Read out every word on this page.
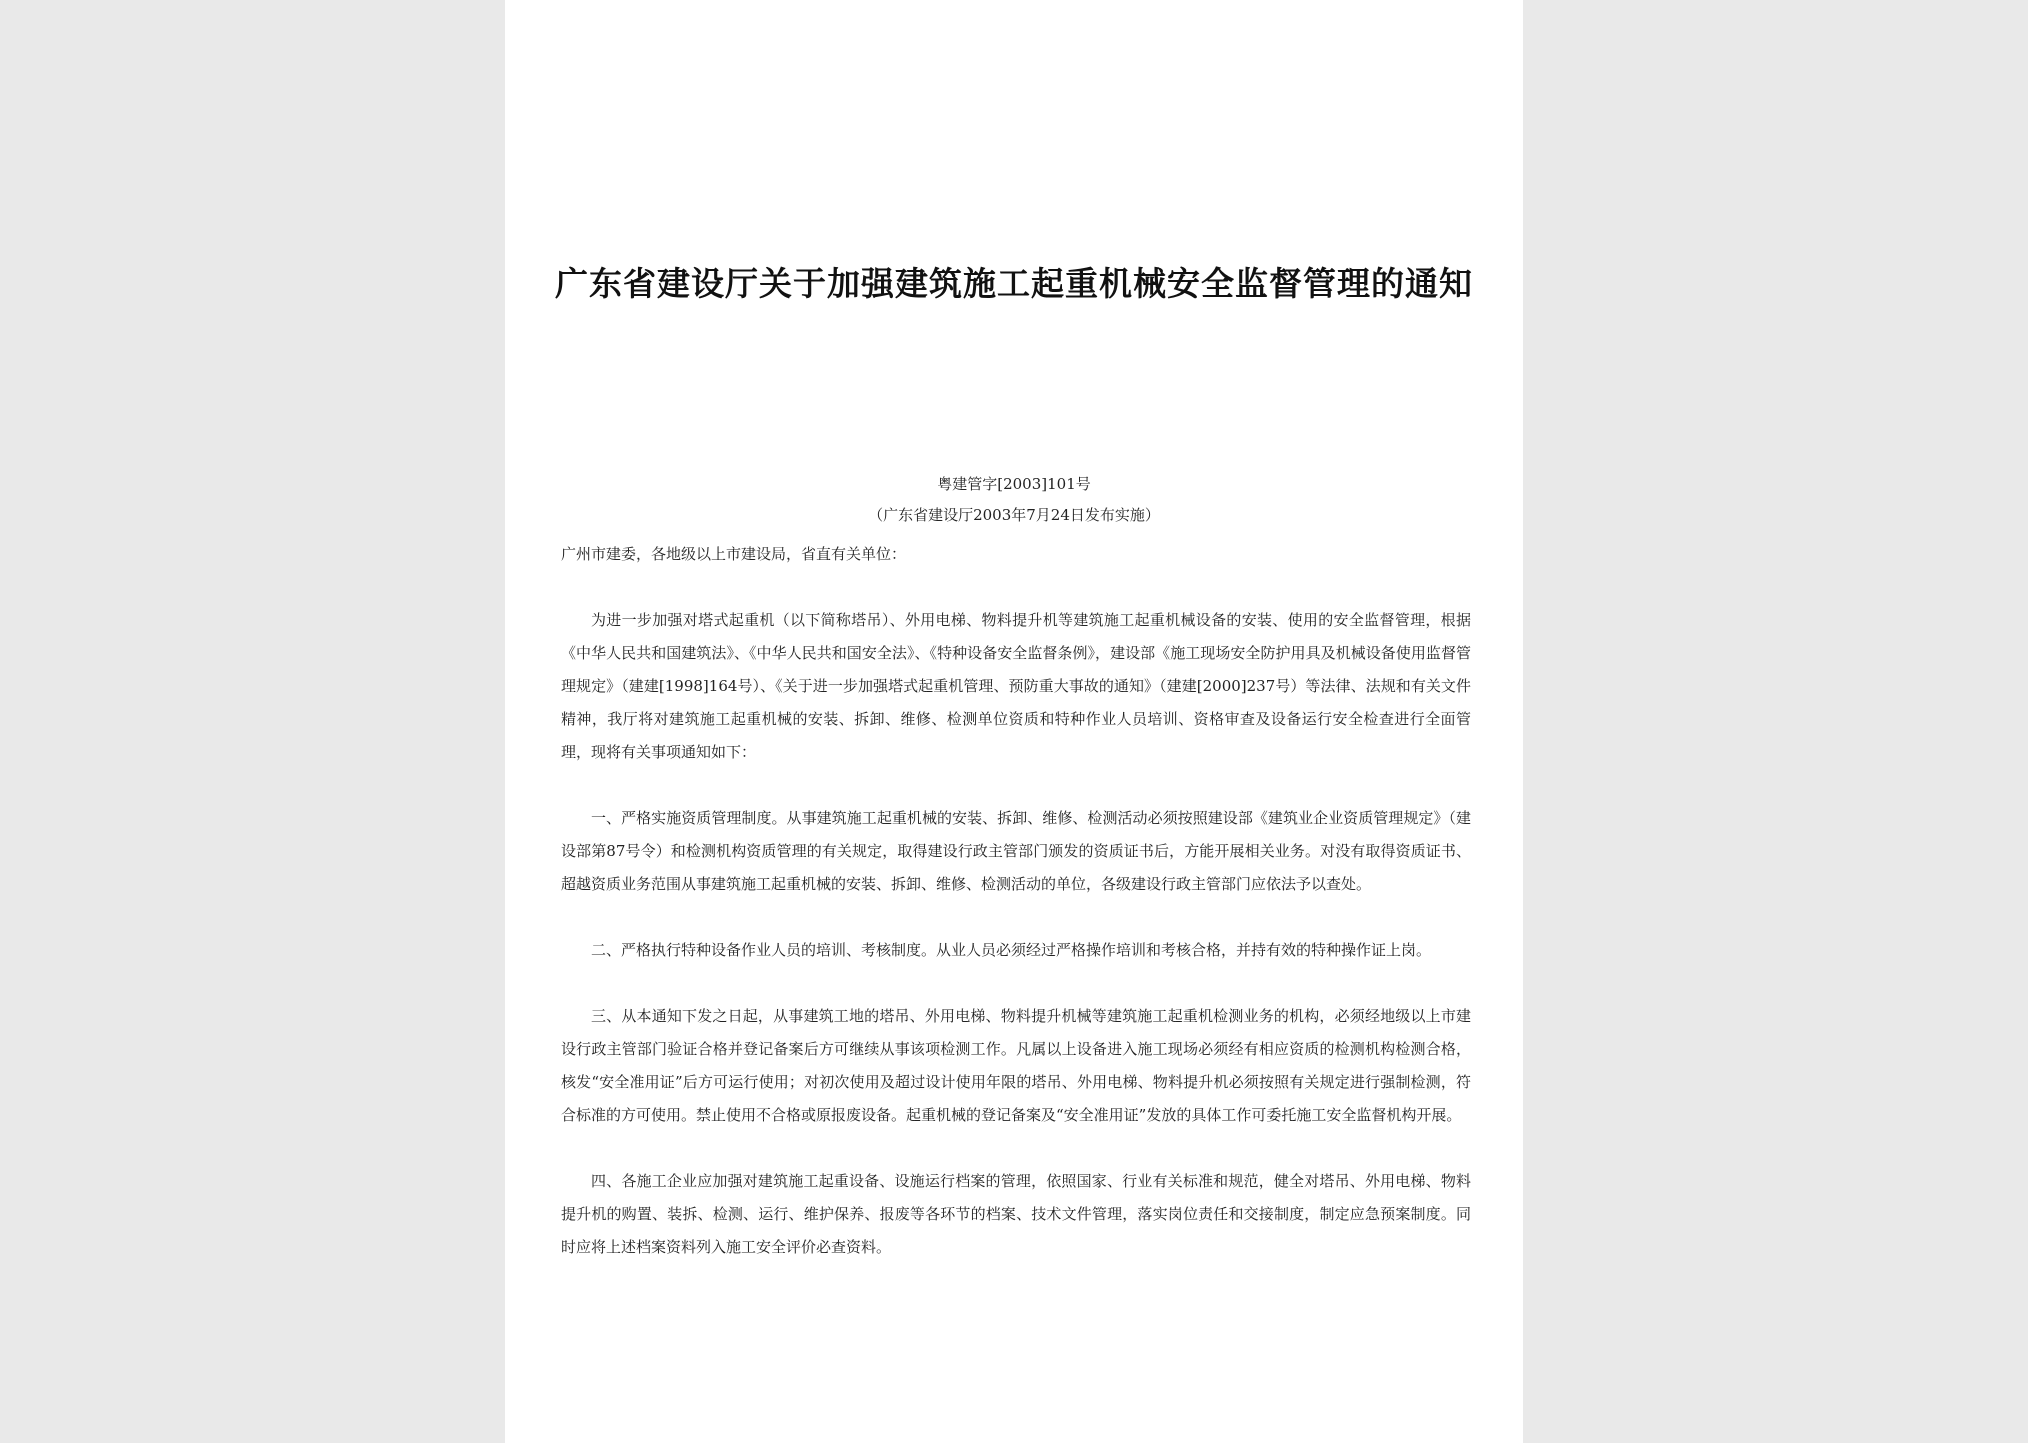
广东省建设厅关于加强建筑施工起重机械安全监督管理的通知
粤建管字[2003]101号
（广东省建设厅2003年7月24日发布实施）

广州市建委，各地级以上市建设局，省直有关单位：

为进一步加强对塔式起重机（以下简称塔吊）、外用电梯、物料提升机等建筑施工起重机械设备的安装、使用的安全监督管理，根据《中华人民共和国建筑法》、《中华人民共和国安全法》、《特种设备安全监督条例》，建设部《施工现场安全防护用具及机械设备使用监督管理规定》（建建[1998]164号）、《关于进一步加强塔式起重机管理、预防重大事故的通知》（建建[2000]237号）等法律、法规和有关文件精神，我厅将对建筑施工起重机械的安装、拆卸、维修、检测单位资质和特种作业人员培训、资格审查及设备运行安全检查进行全面管理，现将有关事项通知如下：

一、严格实施资质管理制度。从事建筑施工起重机械的安装、拆卸、维修、检测活动必须按照建设部《建筑业企业资质管理规定》（建设部第87号令）和检测机构资质管理的有关规定，取得建设行政主管部门颁发的资质证书后，方能开展相关业务。对没有取得资质证书、超越资质业务范围从事建筑施工起重机械的安装、拆卸、维修、检测活动的单位，各级建设行政主管部门应依法予以查处。

二、严格执行特种设备作业人员的培训、考核制度。从业人员必须经过严格操作培训和考核合格，并持有效的特种操作证上岗。

三、从本通知下发之日起，从事建筑工地的塔吊、外用电梯、物料提升机械等建筑施工起重机检测业务的机构，必须经地级以上市建设行政主管部门验证合格并登记备案后方可继续从事该项检测工作。凡属以上设备进入施工现场必须经有相应资质的检测机构检测合格，核发“安全准用证”后方可运行使用；对初次使用及超过设计使用年限的塔吊、外用电梯、物料提升机必须按照有关规定进行强制检测，符合标准的方可使用。禁止使用不合格或原报废设备。起重机械的登记备案及“安全准用证”发放的具体工作可委托施工安全监督机构开展。

四、各施工企业应加强对建筑施工起重设备、设施运行档案的管理，依照国家、行业有关标准和规范，健全对塔吊、外用电梯、物料提升机的购置、装拆、检测、运行、维护保养、报废等各环节的档案、技术文件管理，落实岗位责任和交接制度，制定应急预案制度。同时应将上述档案资料列入施工安全评价必查资料。
